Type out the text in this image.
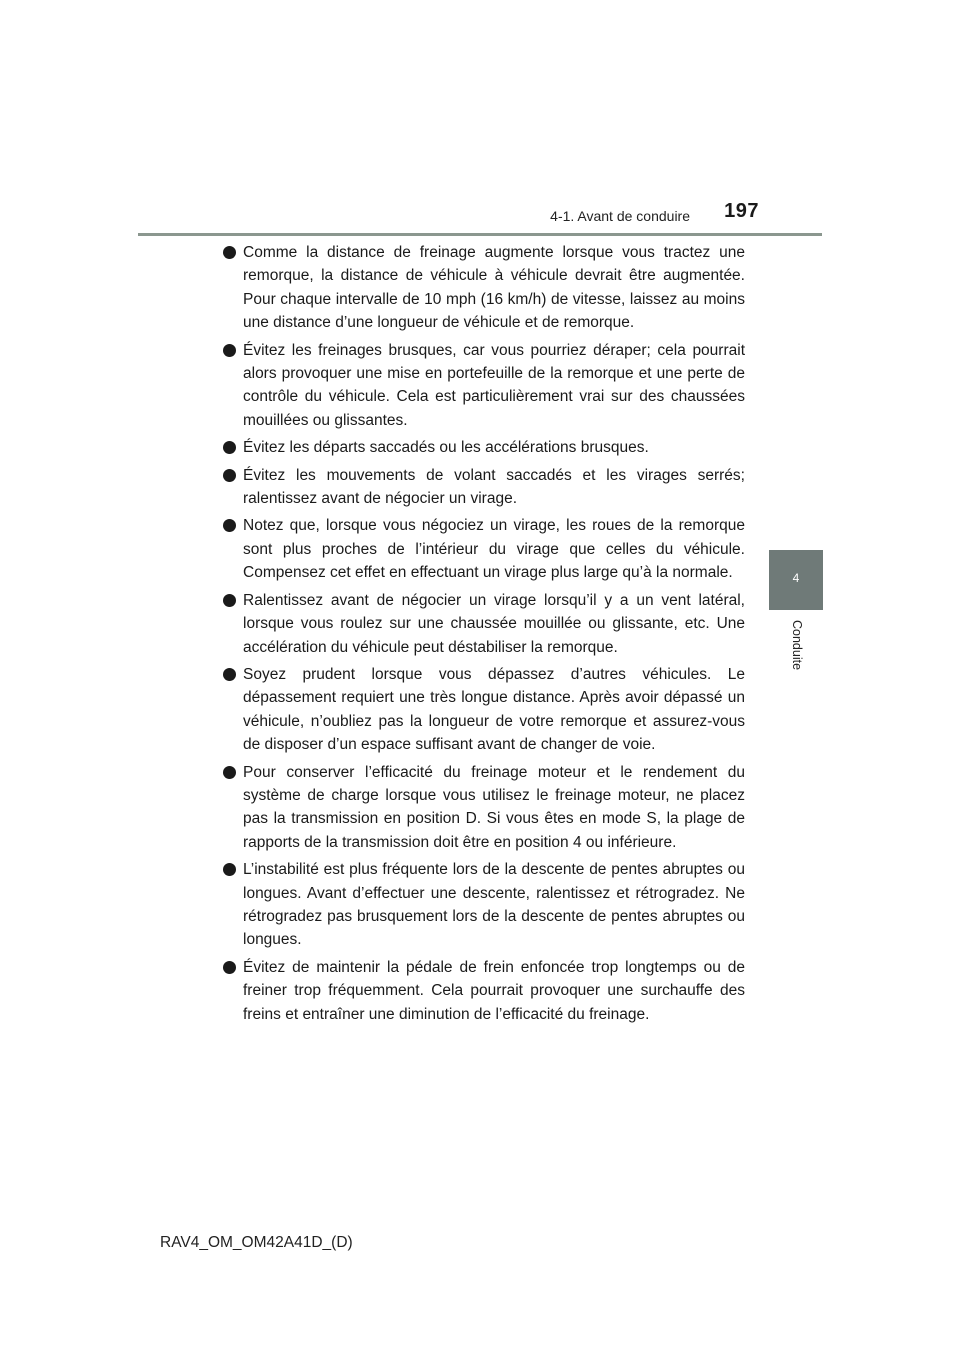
4-1. Avant de conduire 197
4
Conduite
Comme la distance de freinage augmente lorsque vous tractez une remorque, la distance de véhicule à véhicule devrait être augmentée. Pour chaque intervalle de 10 mph (16 km/h) de vitesse, laissez au moins une distance d’une longueur de véhicule et de remorque.
Évitez les freinages brusques, car vous pourriez déraper; cela pourrait alors provoquer une mise en portefeuille de la remorque et une perte de contrôle du véhicule. Cela est particulièrement vrai sur des chaussées mouillées ou glissantes.
Évitez les départs saccadés ou les accélérations brusques.
Évitez les mouvements de volant saccadés et les virages serrés; ralentissez avant de négocier un virage.
Notez que, lorsque vous négociez un virage, les roues de la remorque sont plus proches de l’intérieur du virage que celles du véhicule. Compensez cet effet en effectuant un virage plus large qu’à la normale.
Ralentissez avant de négocier un virage lorsqu’il y a un vent latéral, lorsque vous roulez sur une chaussée mouillée ou glissante, etc. Une accélération du véhicule peut déstabiliser la remorque.
Soyez prudent lorsque vous dépassez d’autres véhicules. Le dépassement requiert une très longue distance. Après avoir dépassé un véhicule, n’oubliez pas la longueur de votre remorque et assurez-vous de disposer d’un espace suffisant avant de changer de voie.
Pour conserver l’efficacité du freinage moteur et le rendement du système de charge lorsque vous utilisez le freinage moteur, ne placez pas la transmission en position D. Si vous êtes en mode S, la plage de rapports de la transmission doit être en position 4 ou inférieure.
L’instabilité est plus fréquente lors de la descente de pentes abruptes ou longues. Avant d’effectuer une descente, ralentissez et rétrogradez. Ne rétrogradez pas brusquement lors de la descente de pentes abruptes ou longues.
Évitez de maintenir la pédale de frein enfoncée trop longtemps ou de freiner trop fréquemment. Cela pourrait provoquer une surchauffe des freins et entraîner une diminution de l’efficacité du freinage.
RAV4_OM_OM42A41D_(D)
